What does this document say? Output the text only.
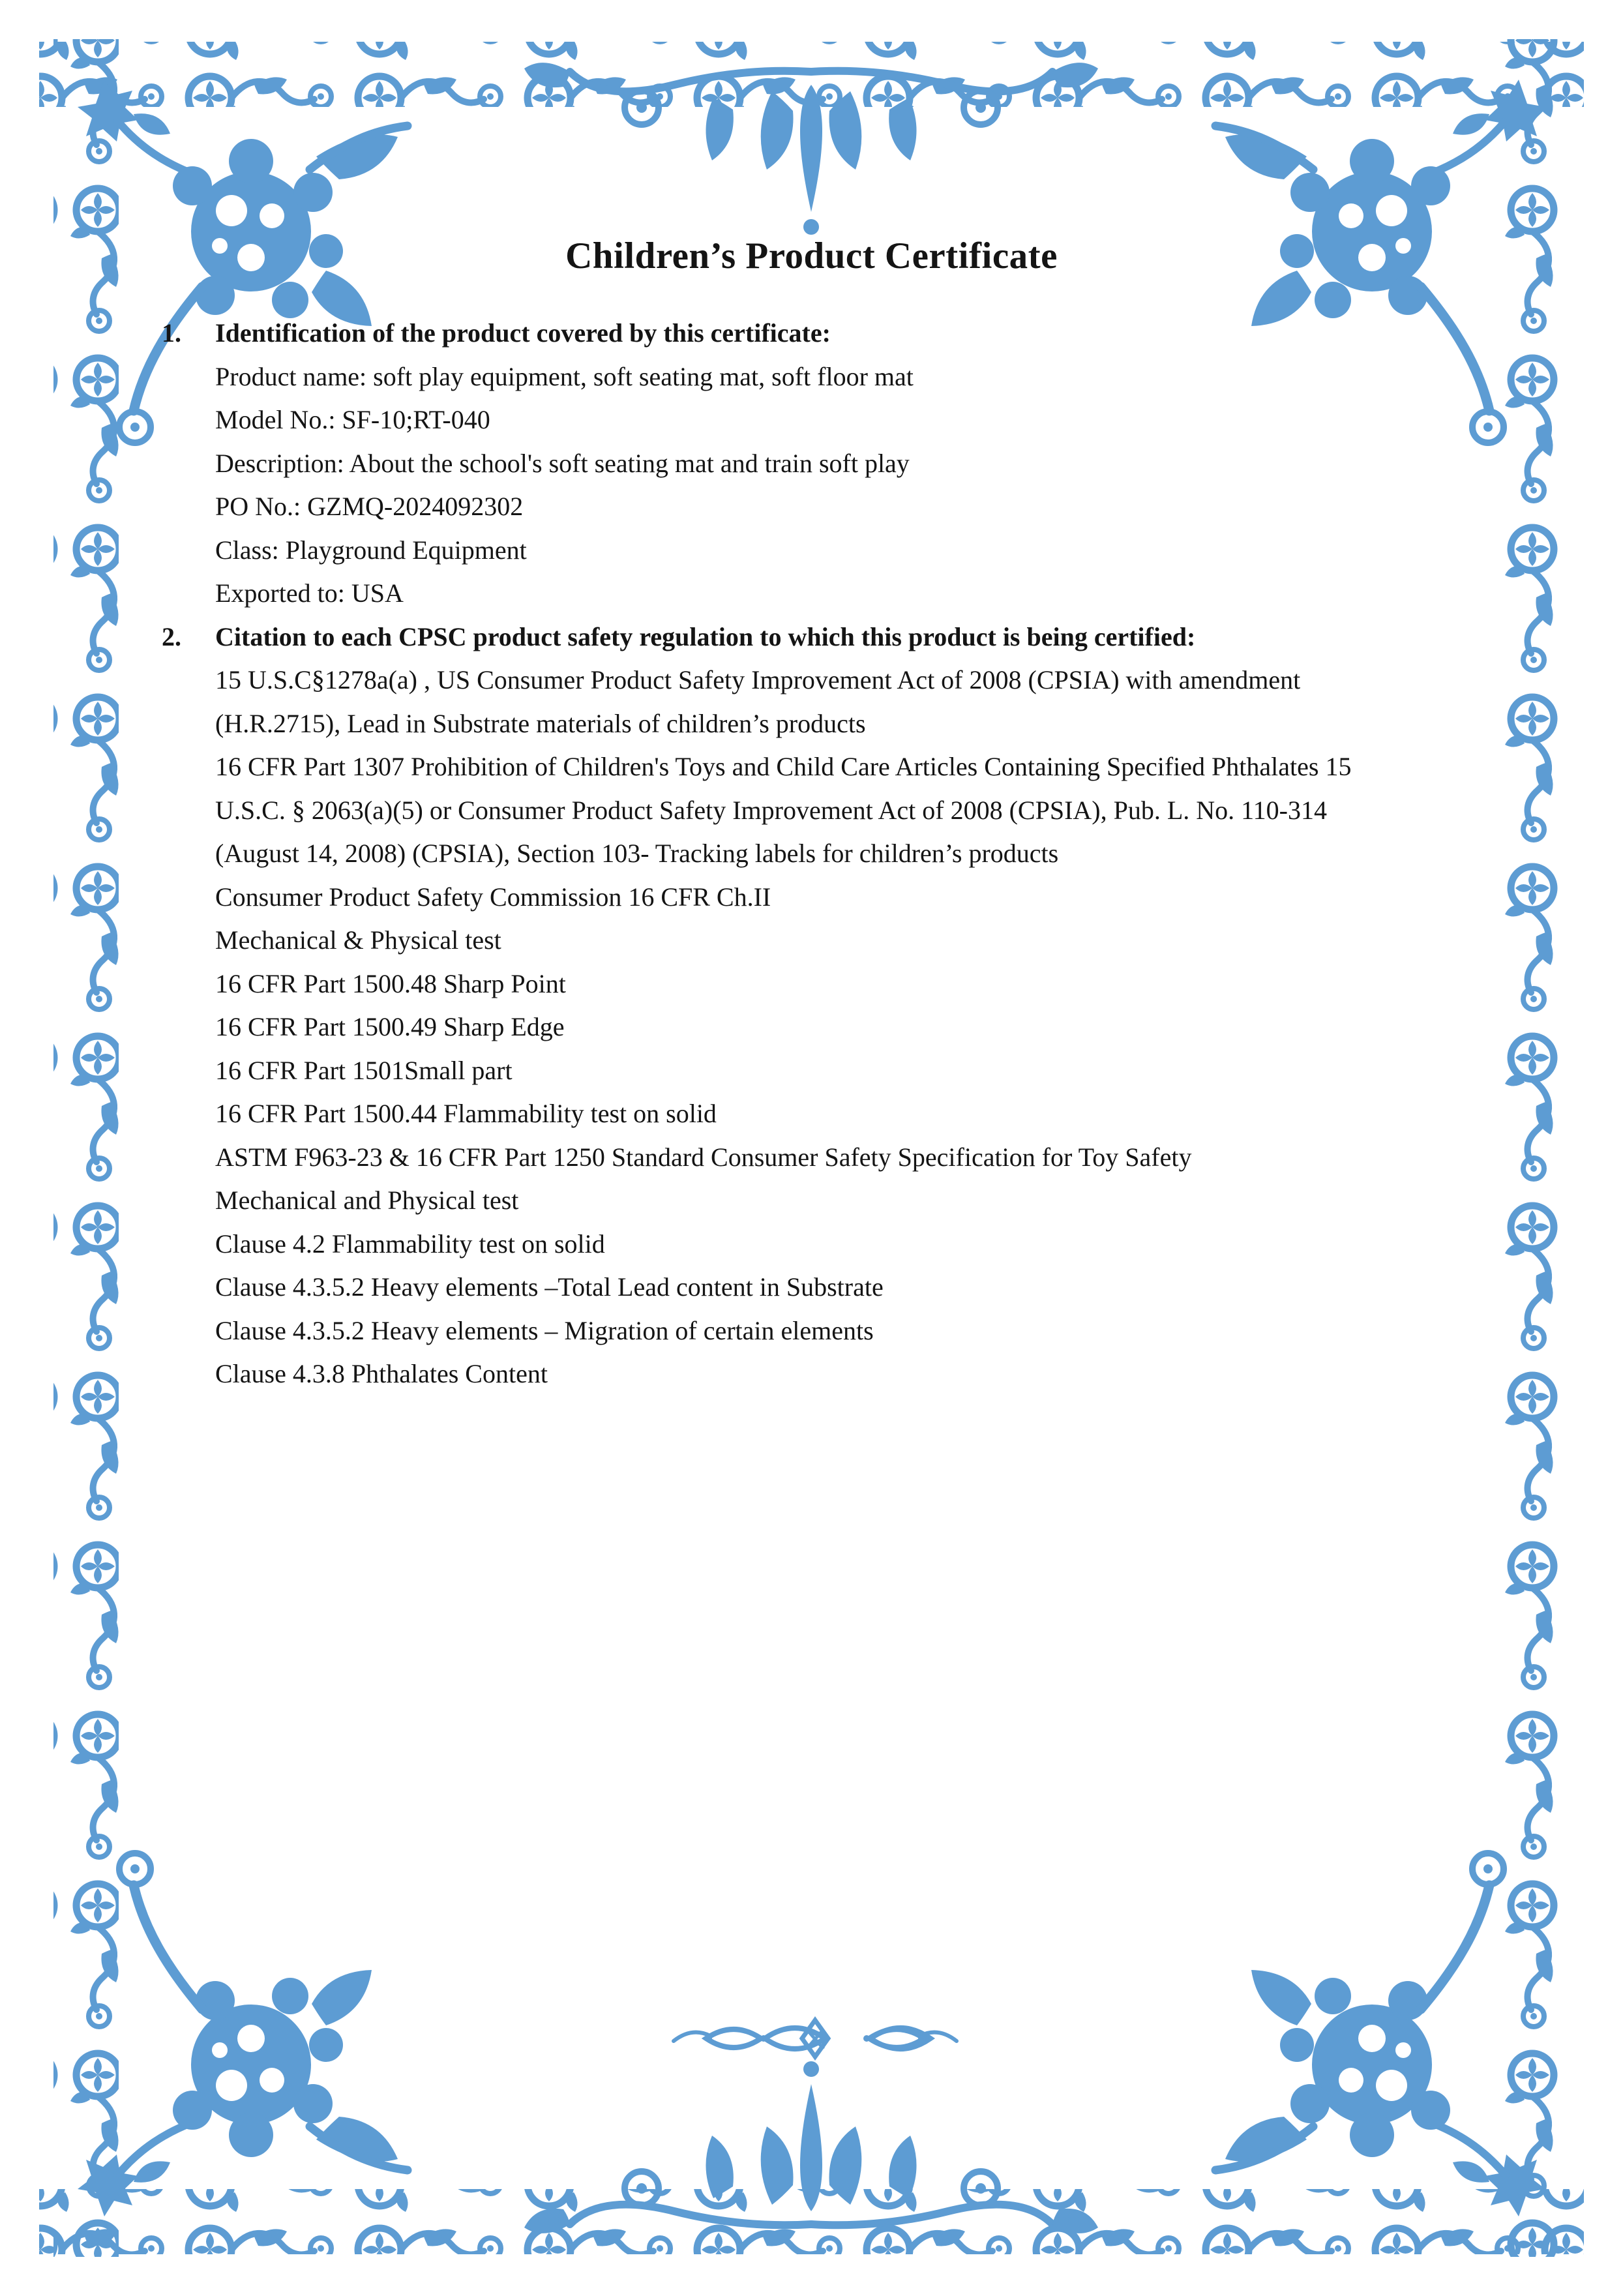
Children’s Product Certificate
1.	Identification of the product covered by this certificate:
Product name: soft play equipment, soft seating mat, soft floor mat
Model No.: SF-10;RT-040
Description: About the school's soft seating mat and train soft play
PO No.: GZMQ-2024092302
Class: Playground Equipment
Exported to: USA
2.	Citation to each CPSC product safety regulation to which this product is being certified:
15 U.S.C§1278a(a) , US Consumer Product Safety Improvement Act of 2008 (CPSIA) with amendment
(H.R.2715), Lead in Substrate materials of children’s products
16 CFR Part 1307 Prohibition of Children's Toys and Child Care Articles Containing Specified Phthalates 15
U.S.C. § 2063(a)(5) or Consumer Product Safety Improvement Act of 2008 (CPSIA), Pub. L. No. 110-314
(August 14, 2008) (CPSIA), Section 103- Tracking labels for children’s products
Consumer Product Safety Commission 16 CFR Ch.II
Mechanical & Physical test
16 CFR Part 1500.48 Sharp Point
16 CFR Part 1500.49 Sharp Edge
16 CFR Part 1501Small part
16 CFR Part 1500.44 Flammability test on solid
ASTM F963-23 & 16 CFR Part 1250 Standard Consumer Safety Specification for Toy Safety
Mechanical and Physical test
Clause 4.2 Flammability test on solid
Clause 4.3.5.2 Heavy elements –Total Lead content in Substrate
Clause 4.3.5.2 Heavy elements – Migration of certain elements
Clause 4.3.8 Phthalates Content
